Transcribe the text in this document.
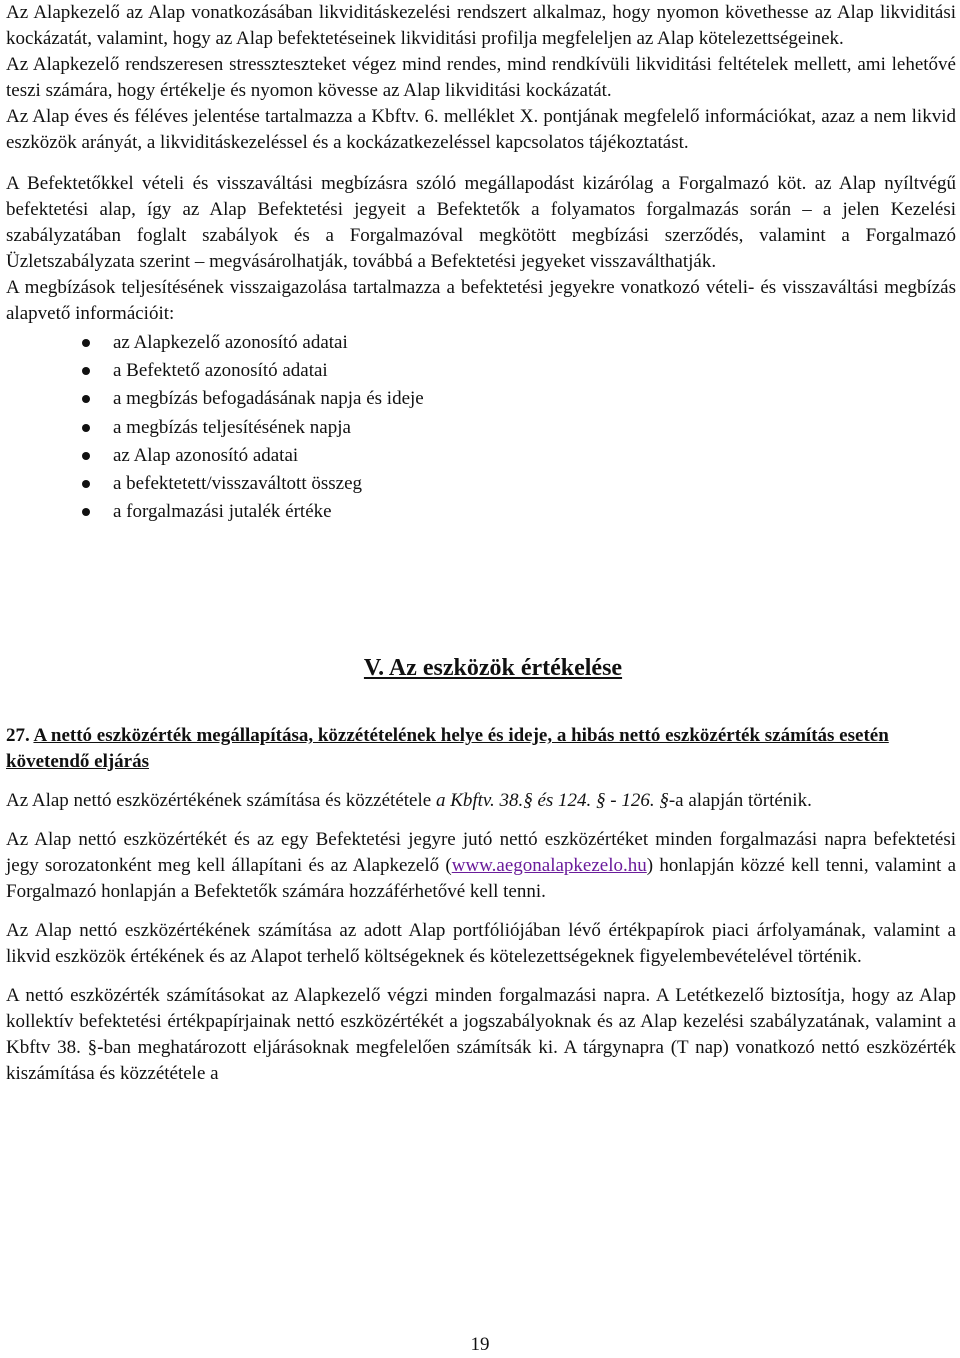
Az Alapkezelő az Alap vonatkozásában likviditáskezelési rendszert alkalmaz, hogy nyomon követhesse az Alap likviditási kockázatát, valamint, hogy az Alap befektetéseinek likviditási profilja megfeleljen az Alap kötelezettségeinek.

Az Alapkezelő rendszeresen stresszteszteket végez mind rendes, mind rendkívüli likviditási feltételek mellett, ami lehetővé teszi számára, hogy értékelje és nyomon kövesse az Alap likviditási kockázatát.

Az Alap éves és féléves jelentése tartalmazza a Kbftv. 6. melléklet X. pontjának megfelelő információkat, azaz a nem likvid eszközök arányát, a likviditáskezeléssel és a kockázatkezeléssel kapcsolatos tájékoztatást.

A Befektetőkkel vételi és visszaváltási megbízásra szóló megállapodást kizárólag a Forgalmazó köt. az Alap nyíltvégű befektetési alap, így az Alap Befektetési jegyeit a Befektetők a folyamatos forgalmazás során – a jelen Kezelési szabályzatában foglalt szabályok és a Forgalmazóval megkötött megbízási szerződés, valamint a Forgalmazó Üzletszabályzata szerint – megvásárolhatják, továbbá a Befektetési jegyeket visszaválthatják.

A megbízások teljesítésének visszaigazolása tartalmazza a befektetési jegyekre vonatkozó vételi- és visszaváltási megbízás alapvető információit:

az Alapkezelő azonosító adatai
a Befektető azonosító adatai
a megbízás befogadásának napja és ideje
a megbízás teljesítésének napja
az Alap azonosító adatai
a befektetett/visszaváltott összeg
a forgalmazási jutalék értéke
V. Az eszközök értékelése
27. A nettó eszközérték megállapítása, közzétételének helye és ideje, a hibás nettó eszközérték számítás esetén követendő eljárás

Az Alap nettó eszközértékének számítása és közzététele a Kbftv. 38.§ és 124. § - 126. §-a alapján történik.

Az Alap nettó eszközértékét és az egy Befektetési jegyre jutó nettó eszközértéket minden forgalmazási napra befektetési jegy sorozatonként meg kell állapítani és az Alapkezelő (www.aegonalapkezelo.hu) honlapján közzé kell tenni, valamint a Forgalmazó honlapján a Befektetők számára hozzáférhetővé kell tenni.

Az Alap nettó eszközértékének számítása az adott Alap portfóliójában lévő értékpapírok piaci árfolyamának, valamint a likvid eszközök értékének és az Alapot terhelő költségeknek és kötelezettségeknek figyelembevételével történik.

A nettó eszközérték számításokat az Alapkezelő végzi minden forgalmazási napra. A Letétkezelő biztosítja, hogy az Alap kollektív befektetési értékpapírjainak nettó eszközértékét a jogszabályoknak és az Alap kezelési szabályzatának, valamint a Kbftv 38. §-ban meghatározott eljárásoknak megfelelően számítsák ki. A tárgynapra (T nap) vonatkozó nettó eszközérték kiszámítása és közzététele a

19
